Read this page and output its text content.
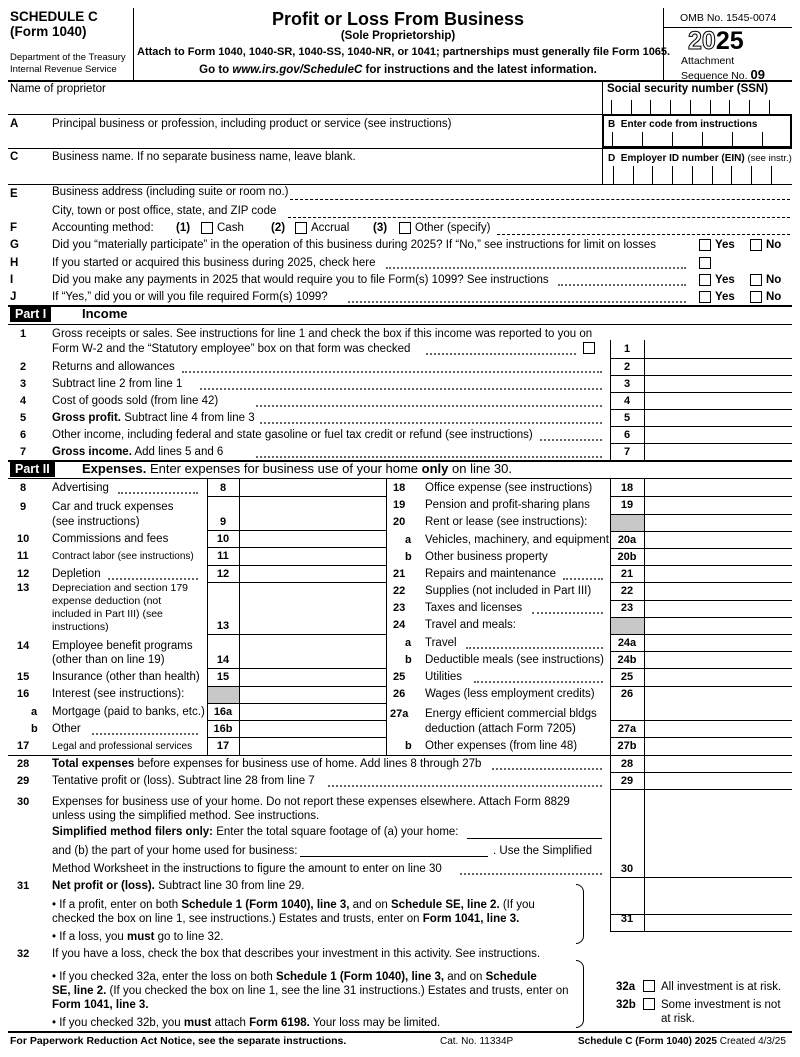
SCHEDULE C
(Form 1040)
Department of the Treasury
Internal Revenue Service
Profit or Loss From Business
(Sole Proprietorship)
Attach to Form 1040, 1040-SR, 1040-SS, 1040-NR, or 1041; partnerships must generally file Form 1065.
Go to www.irs.gov/ScheduleC for instructions and the latest information.
OMB No. 1545-0074
2025
Attachment
Sequence No. 09
Name of proprietor	Social security number (SSN)
A	Principal business or profession, including product or service (see instructions)	B Enter code from instructions
C	Business name. If no separate business name, leave blank.	D Employer ID number (EIN) (see instr.)
E	Business address (including suite or room no.)
City, town or post office, state, and ZIP code
F	Accounting method: (1) Cash (2) Accrual (3) Other (specify)
G	Did you “materially participate” in the operation of this business during 2025? If “No,” see instructions for limit on losses	Yes	No
H	If you started or acquired this business during 2025, check here
I	Did you make any payments in 2025 that would require you to file Form(s) 1099? See instructions	Yes	No
J	If “Yes,” did you or will you file required Form(s) 1099?	Yes	No
Part I	Income
1 Gross receipts or sales. See instructions for line 1 and check the box if this income was reported to you on
Form W-2 and the “Statutory employee” box on that form was checked	1
2 Returns and allowances	2
3 Subtract line 2 from line 1	3
4 Cost of goods sold (from line 42)	4
5 Gross profit. Subtract line 4 from line 3	5
6 Other income, including federal and state gasoline or fuel tax credit or refund (see instructions)	6
7 Gross income. Add lines 5 and 6	7
Part II	Expenses. Enter expenses for business use of your home only on line 30.
8 Advertising	8
9 Car and truck expenses
(see instructions)	9
10 Commissions and fees	10
11 Contract labor (see instructions)	11
12 Depletion	12
13 Depreciation and section 179
expense deduction (not
included in Part III) (see
instructions)	13
14 Employee benefit programs
(other than on line 19)	14
15 Insurance (other than health)	15
16 Interest (see instructions):
a Mortgage (paid to banks, etc.) 16a
b Other	16b
17 Legal and professional services	17
18 Office expense (see instructions)	18
19 Pension and profit-sharing plans	19
20 Rent or lease (see instructions):
a Vehicles, machinery, and equipment 20a
b Other business property	20b
21 Repairs and maintenance	21
22 Supplies (not included in Part III)	22
23 Taxes and licenses	23
24 Travel and meals:
a Travel	24a
b Deductible meals (see instructions)	24b
25 Utilities	25
26 Wages (less employment credits)	26
27a Energy efficient commercial bldgs
deduction (attach Form 7205)	27a
b Other expenses (from line 48)	27b
28 Total expenses before expenses for business use of home. Add lines 8 through 27b	28
29 Tentative profit or (loss). Subtract line 28 from line 7	29
30 Expenses for business use of your home. Do not report these expenses elsewhere. Attach Form 8829
unless using the simplified method. See instructions.
Simplified method filers only: Enter the total square footage of (a) your home:
and (b) the part of your home used for business:	. Use the Simplified
Method Worksheet in the instructions to figure the amount to enter on line 30	30
31 Net profit or (loss). Subtract line 30 from line 29.
• If a profit, enter on both Schedule 1 (Form 1040), line 3, and on Schedule SE, line 2. (If you
checked the box on line 1, see instructions.) Estates and trusts, enter on Form 1041, line 3.
• If a loss, you must go to line 32.
31
32 If you have a loss, check the box that describes your investment in this activity. See instructions.
• If you checked 32a, enter the loss on both Schedule 1 (Form 1040), line 3, and on Schedule
SE, line 2. (If you checked the box on line 1, see the line 31 instructions.) Estates and trusts, enter on
Form 1041, line 3.
• If you checked 32b, you must attach Form 6198. Your loss may be limited.
32a All investment is at risk.
32b Some investment is not
at risk.
For Paperwork Reduction Act Notice, see the separate instructions.	Cat. No. 11334P	Schedule C (Form 1040) 2025 Created 4/3/25
